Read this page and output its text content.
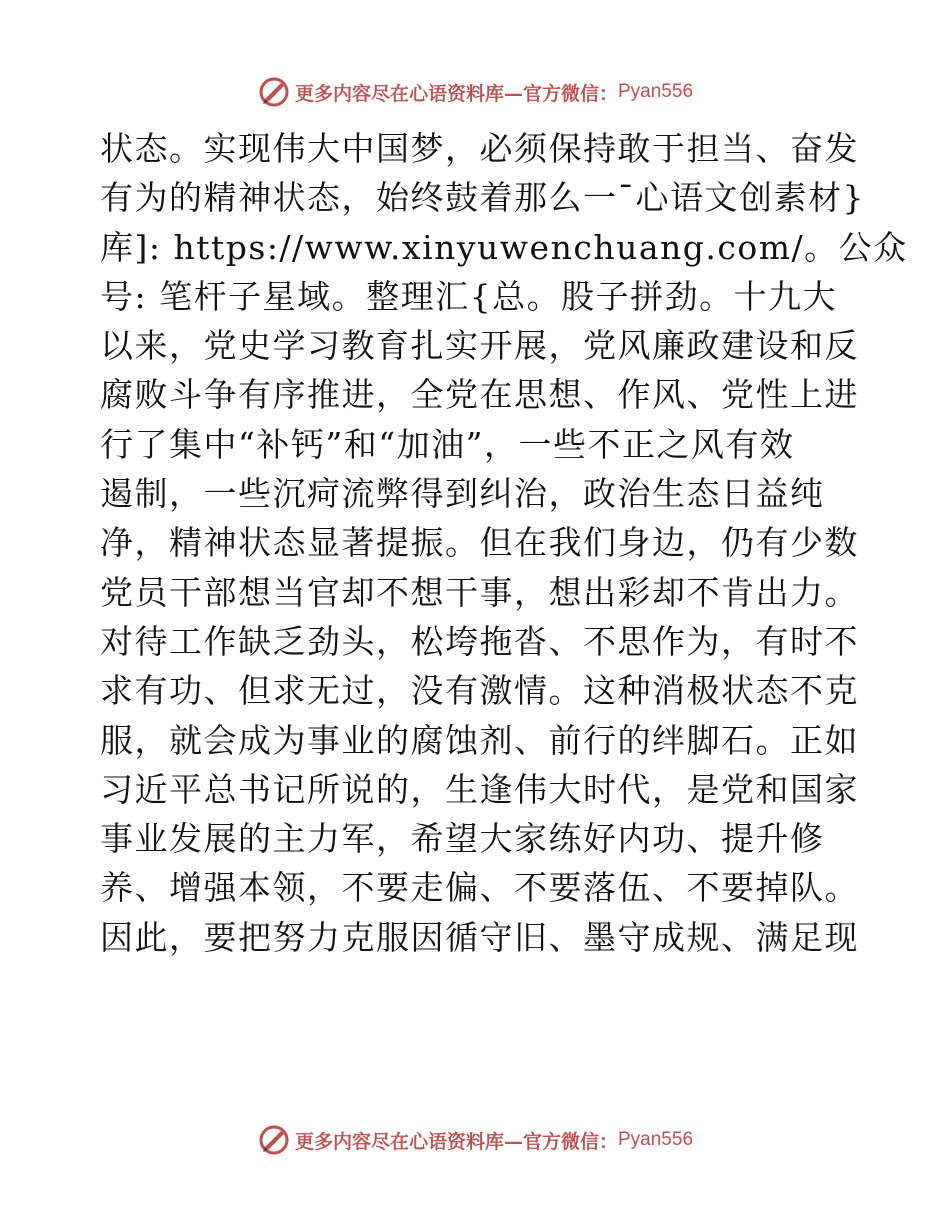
更多内容尽在心语资料库—官方微信： Pyan556
状态。实现伟大中国梦，必须保持敢于担当、奋发
有为的精神状态，始终鼓着那么一¯心语文创素材}
库]: https://www.xinyuwenchuang.com/。公众
号: 笔杆子星域。整理汇{总。股子拼劲。十九大
以来，党史学习教育扎实开展，党风廉政建设和反
腐败斗争有序推进，全党在思想、作风、党性上进
行了集中“补钙”和“加油”，一些不正之风有效
遏制，一些沉疴流弊得到纠治，政治生态日益纯
净，精神状态显著提振。但在我们身边，仍有少数
党员干部想当官却不想干事，想出彩却不肯出力。
对待工作缺乏劲头，松垮拖沓、不思作为，有时不
求有功、但求无过，没有激情。这种消极状态不克
服，就会成为事业的腐蚀剂、前行的绊脚石。正如
习近平总书记所说的，生逢伟大时代，是党和国家
事业发展的主力军，希望大家练好内功、提升修
养、增强本领，不要走偏、不要落伍、不要掉队。
因此，要把努力克服因循守旧、墨守成规、满足现
更多内容尽在心语资料库—官方微信： Pyan556
